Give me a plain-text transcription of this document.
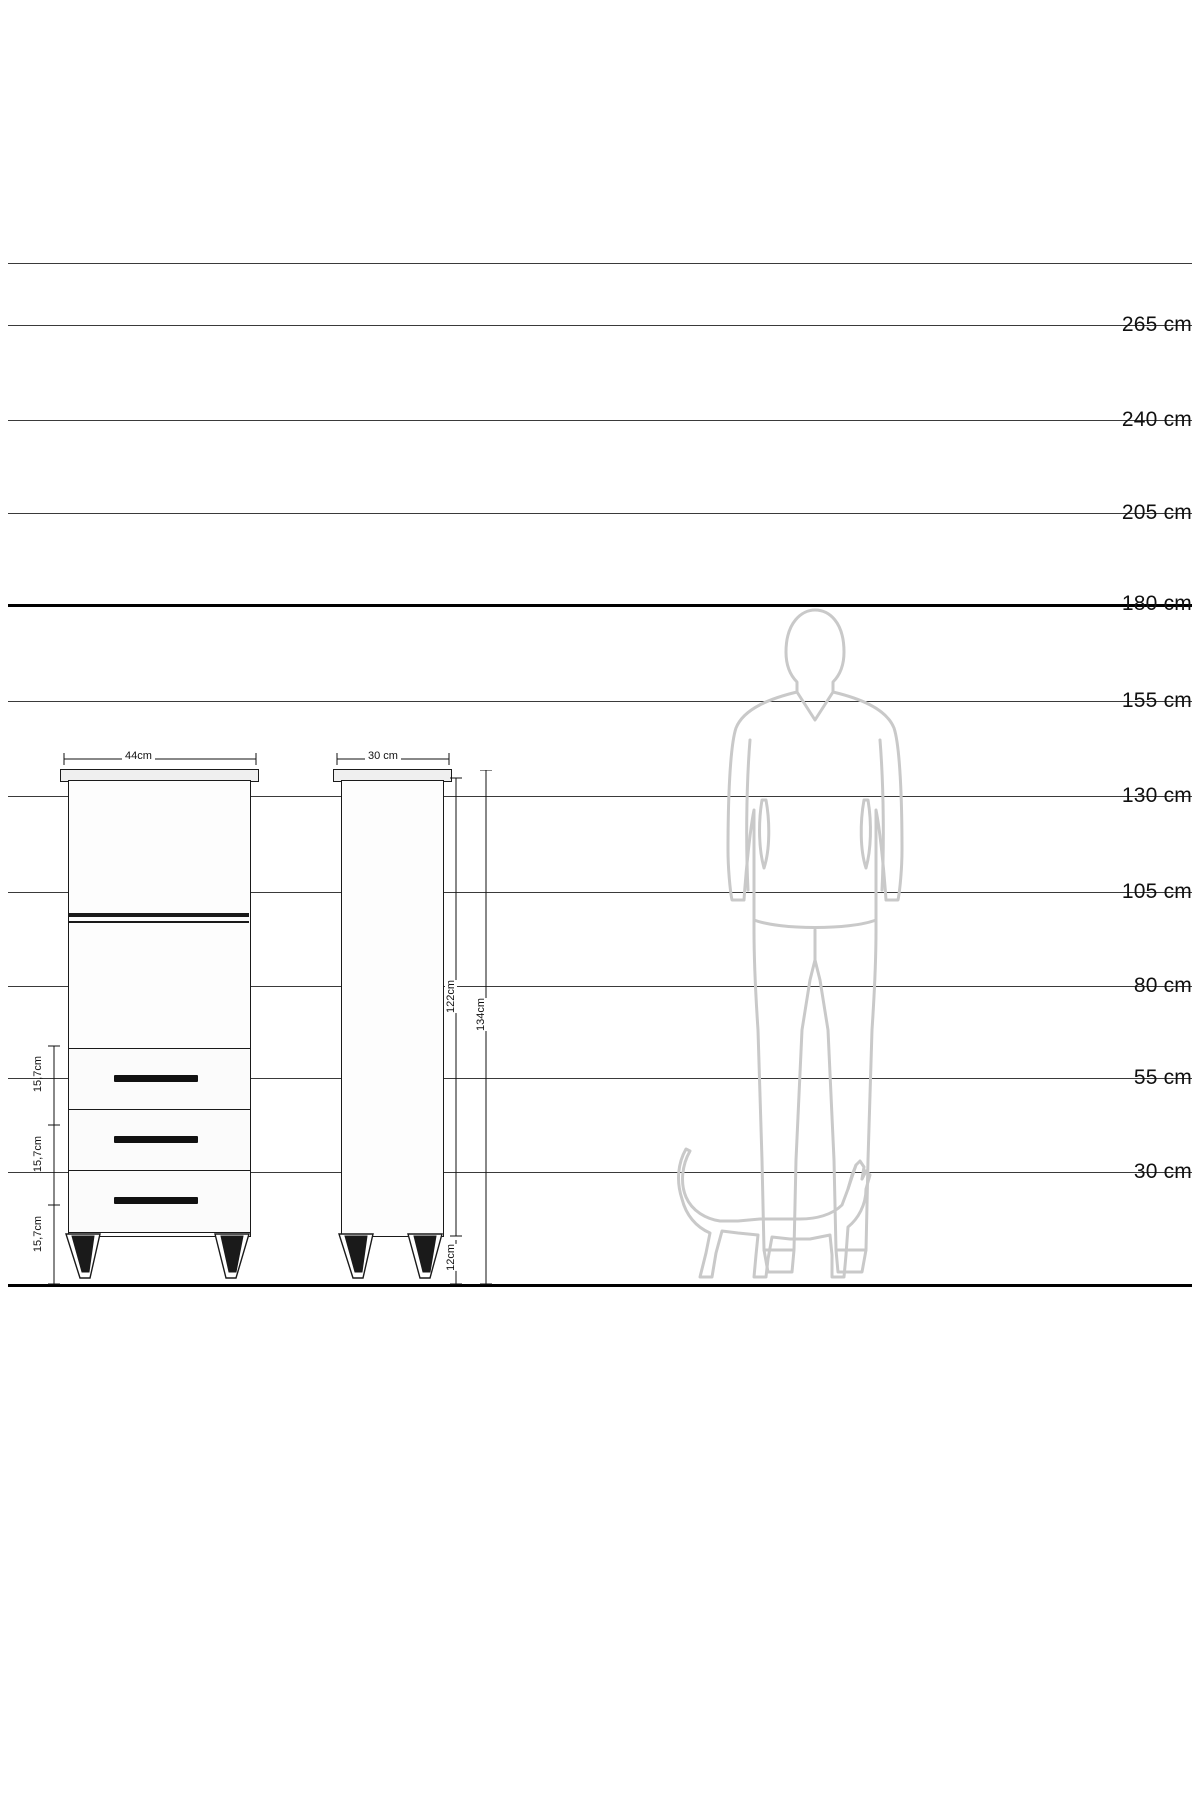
265 cm
240 cm
205 cm
180 cm
155 cm
130 cm
105 cm
80 cm
55 cm
30 cm
44cm
15,7cm
15,7cm
15,7cm
30 cm
122cm
134cm
12cm
